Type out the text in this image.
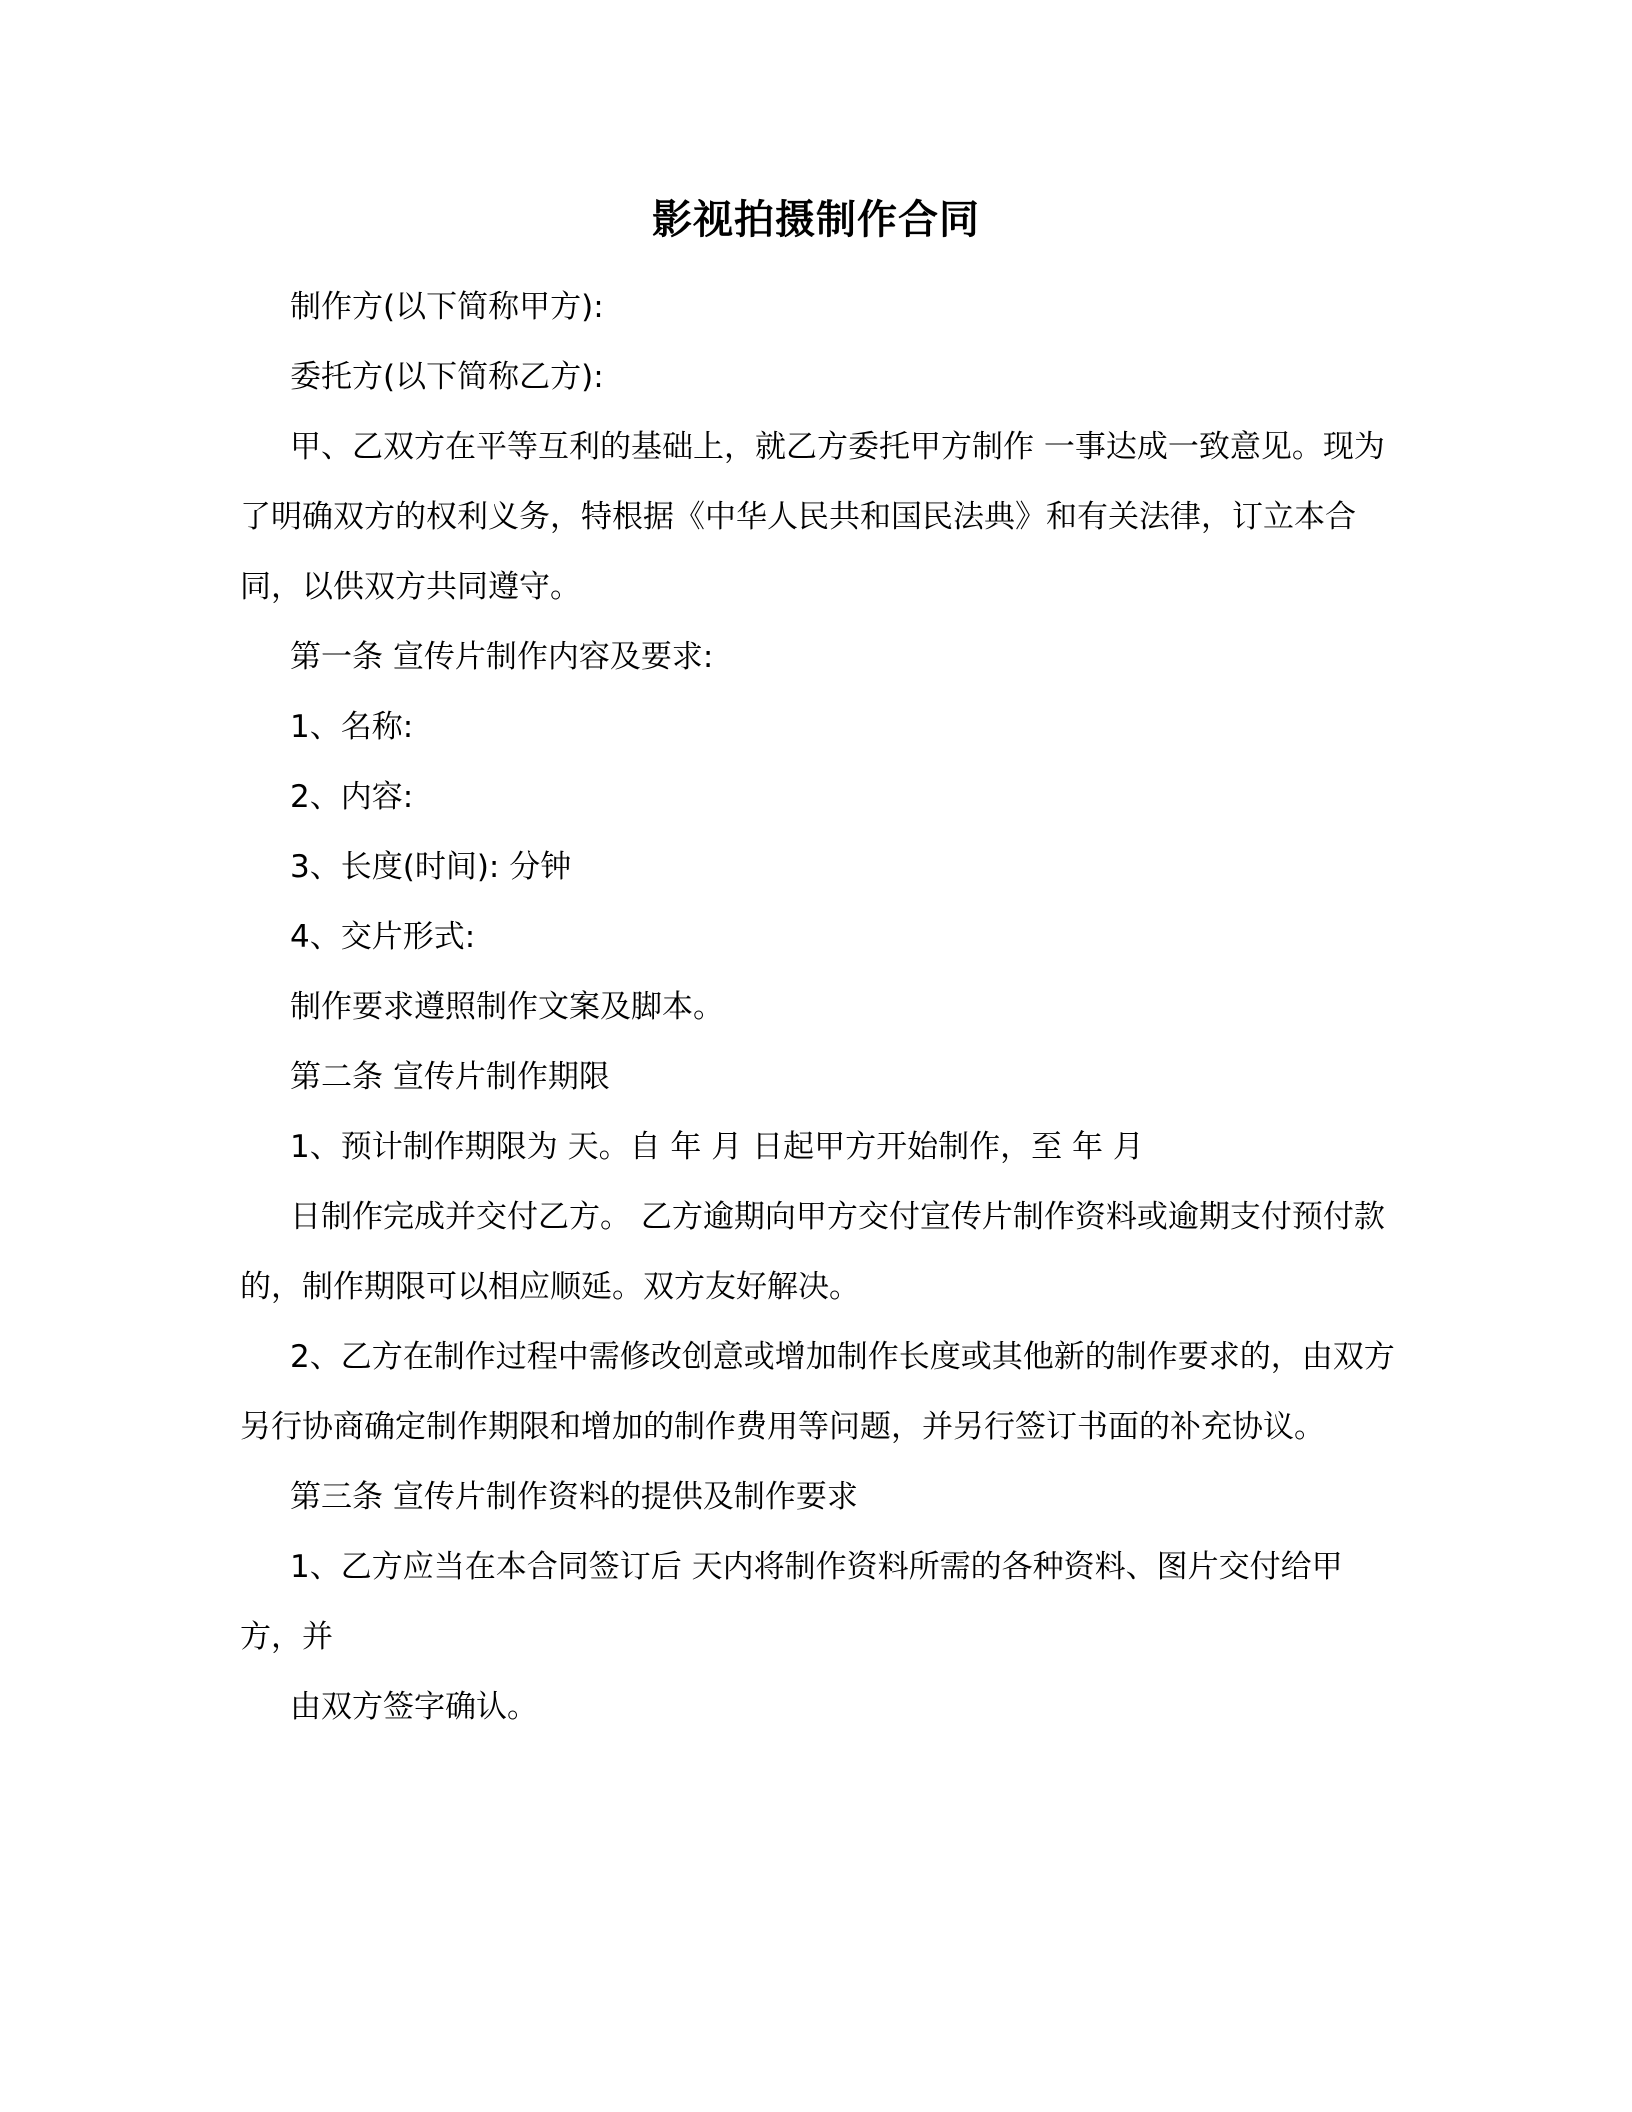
影视拍摄制作合同

制作方(以下简称甲方):

委托方(以下简称乙方):

甲、乙双方在平等互利的基础上，就乙方委托甲方制作 一事达成一致意见。现为了明确双方的权利义务，特根据《中华人民共和国民法典》和有关法律，订立本合同，以供双方共同遵守。

第一条 宣传片制作内容及要求:

1、名称:

2、内容:

3、长度(时间): 分钟

4、交片形式:

制作要求遵照制作文案及脚本。

第二条 宣传片制作期限

1、预计制作期限为 天。自 年 月 日起甲方开始制作，至 年 月

日制作完成并交付乙方。 乙方逾期向甲方交付宣传片制作资料或逾期支付预付款的，制作期限可以相应顺延。双方友好解决。

2、乙方在制作过程中需修改创意或增加制作长度或其他新的制作要求的，由双方另行协商确定制作期限和增加的制作费用等问题，并另行签订书面的补充协议。

第三条 宣传片制作资料的提供及制作要求

1、乙方应当在本合同签订后 天内将制作资料所需的各种资料、图片交付给甲方，并

由双方签字确认。
